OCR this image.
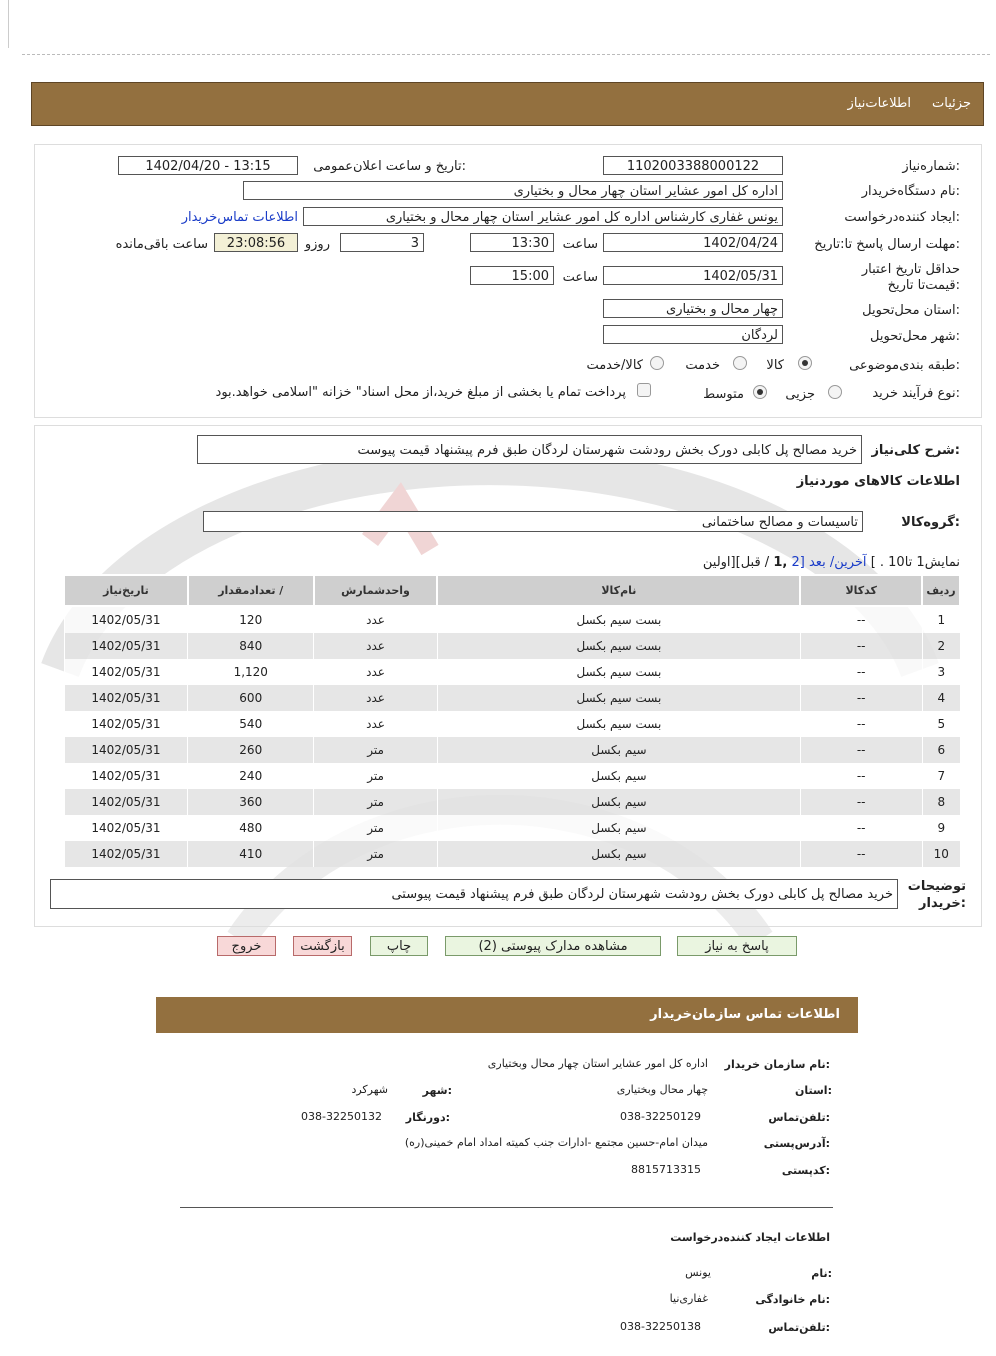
جزئیات
اطلاعات‌نیاز
شماره‌نیاز:
1102003388000122
تاریخ و ساعت اعلان‌عمومی:
1402/04/20 - 13:15
نام دستگاه‌خریدار:
اداره کل امور عشایر استان چهار محال و بختیاری
ایجاد کننده‌درخواست:
یونس غفاری کارشناس اداره کل امور عشایر استان چهار محال و بختیاری
اطلاعات تماس‌خریدار
مهلت ارسال پاسخ تا:تاریخ:
1402/04/24
ساعت
13:30
3
روزو
23:08:56
ساعت باقی‌مانده
حداقل تاریخ اعتبار قیمت‌تا تاریخ:
1402/05/31
ساعت
15:00
استان محل‌تحویل:
چهار محال و بختیاری
شهر محل‌تحویل:
لردگان
طبقه بندی‌موضوعی:
کالا
خدمت
کالا/خدمت
نوع فرآیند:
خرید
جزیی
متوسط
پرداخت تمام یا بخشی از مبلغ خرید،از محل اسناد" خزانه "اسلامی خواهد.بود
شرح کلی‌نیاز:
خرید مصالح پل کابلی دورک بخش رودشت شهرستان لردگان طبق فرم پیشنهاد قیمت پیوست
اطلاعات کالاهای موردنیاز
گروه‌کالا:
تاسیسات و مصالح ساختمانی
نمایش1 تا10 . ] آخرین/ بعد [2 ,1 / قبل][اولین
ردیف	کدکالا	نام‌کالا	واحدشمارش	/ تعدادمقدار	تاریخ‌نیاز
1	--	بست سیم بکسل	عدد	120	1402/05/31
2	--	بست سیم بکسل	عدد	840	1402/05/31
3	--	بست سیم بکسل	عدد	1,120	1402/05/31
4	--	بست سیم بکسل	عدد	600	1402/05/31
5	--	بست سیم بکسل	عدد	540	1402/05/31
6	--	سیم بکسل	متر	260	1402/05/31
7	--	سیم بکسل	متر	240	1402/05/31
8	--	سیم بکسل	متر	360	1402/05/31
9	--	سیم بکسل	متر	480	1402/05/31
10	--	سیم بکسل	متر	410	1402/05/31
خرید مصالح پل کابلی دورک بخش رودشت شهرستان لردگان طبق فرم پیشنهاد قیمت پیوستی
توضیحات خریدار:
پاسخ به نیاز
مشاهده مدارک پیوستی (2)
چاپ
بازگشت
خروج
اطلاعات تماس سازمان‌خریدار
نام سازمان‌ خریدار:
اداره کل امور عشایر استان چهار محال وبختیاری
استان:
چهار محال وبختیاری
شهر:
شهرکرد
تلفن‌تماس:
038-32250129
دورنگار:
038-32250132
آدرس‌پستی:
میدان امام-حسین مجتمع -ادارات جنب کمیته امداد امام خمینی(ره)
کدپستی:
8815713315
اطلاعات ایجاد کننده‌درخواست
نام:
یونس
نام خانوادگی:
غفاری‌نیا
تلفن‌تماس:
038-32250138
